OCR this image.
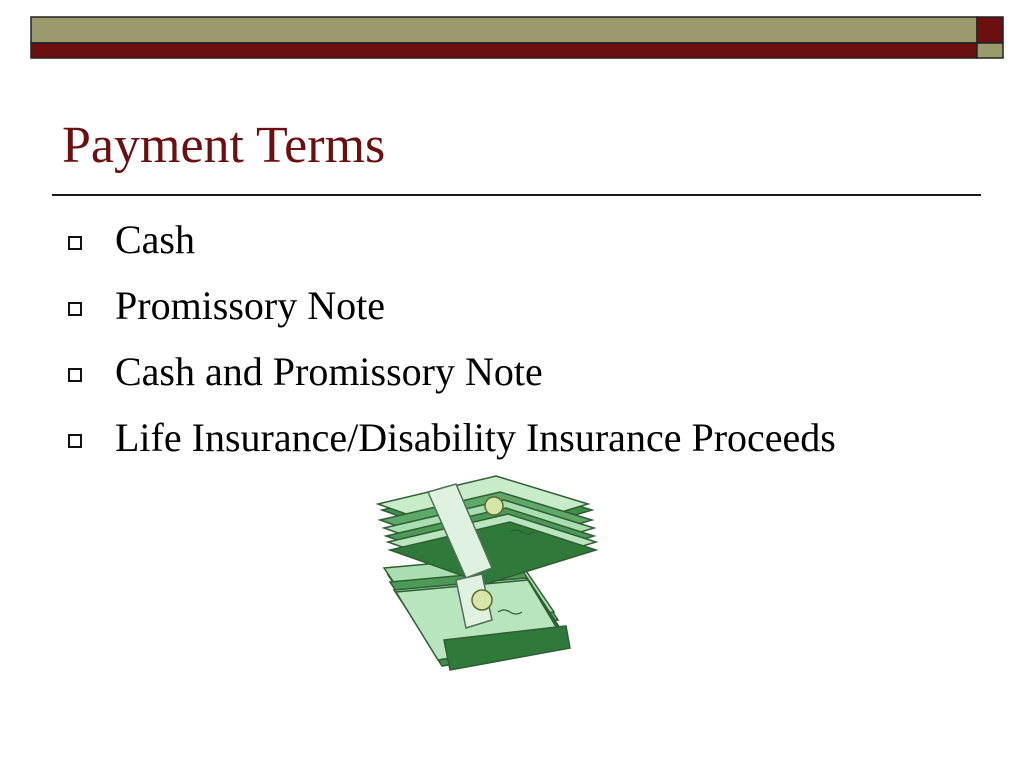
Payment Terms
Cash
Promissory Note
Cash and Promissory Note
Life Insurance/Disability Insurance Proceeds
